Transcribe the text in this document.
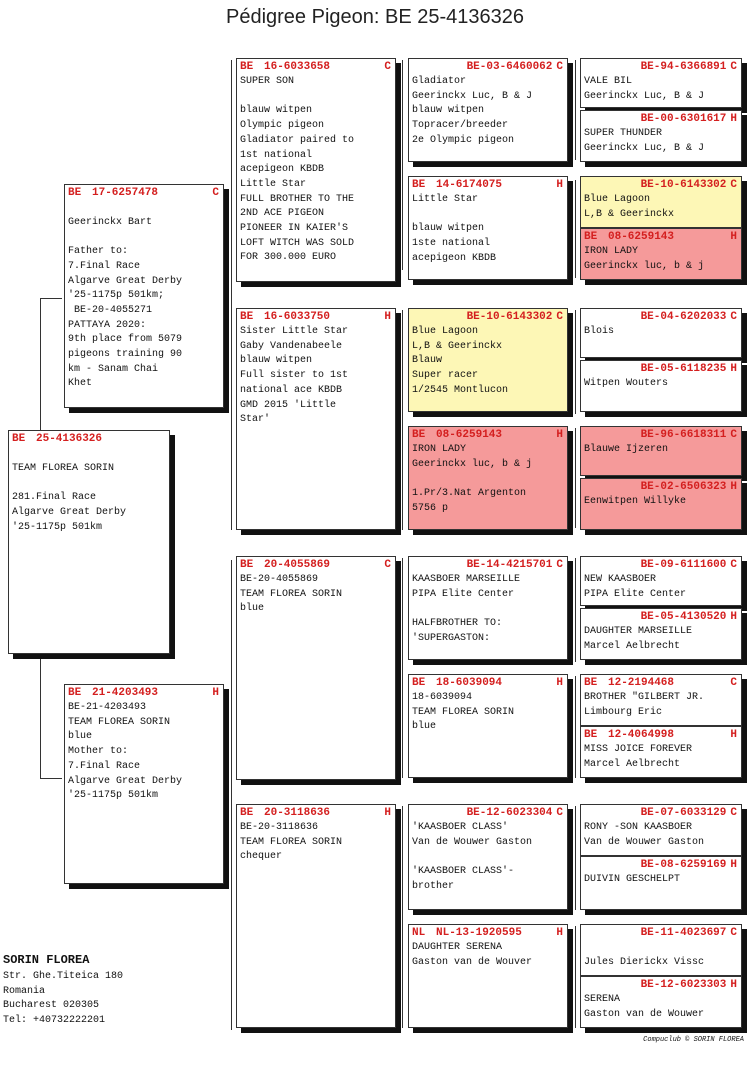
Pédigree Pigeon: BE 25-4136326
BE 25-4136326

TEAM FLOREA SORIN

281.Final Race
Algarve Great Derby
'25-1175p 501km
BE 17-6257478	C

Geerinckx Bart

Father to:
7.Final Race
Algarve Great Derby
'25-1175p 501km;
BE-20-4055271
PATTAYA 2020:
9th place from 5079
pigeons training 90
km - Sanam Chai
Khet
BE 21-4203493	H
BE-21-4203493
TEAM FLOREA SORIN
blue
Mother to:
7.Final Race
Algarve Great Derby
'25-1175p 501km
BE 16-6033658	C
SUPER SON

blauw witpen
Olympic pigeon
Gladiator paired to
1st national
acepigeon KBDB
Little Star
FULL BROTHER TO THE
2ND ACE PIGEON
PIONEER IN KAIER'S
LOFT WITCH WAS SOLD
FOR 300.000 EURO
BE 16-6033750	H
Sister Little Star
Gaby Vandenabeele
blauw witpen
Full sister to 1st
national ace KBDB
GMD 2015 'Little
Star'
BE 20-4055869	C
BE-20-4055869
TEAM FLOREA SORIN
blue
BE 20-3118636	H
BE-20-3118636
TEAM FLOREA SORIN
chequer
BE-03-6460062 C
Gladiator
Geerinckx Luc, B & J
blauw witpen
Topracer/breeder
2e Olympic pigeon
BE 14-6174075	H
Little Star

blauw witpen
1ste national
acepigeon KBDB
BE-10-6143302 C
Blue Lagoon
L,B & Geerinckx
Blauw
Super racer
1/2545 Montlucon
BE 08-6259143	H
IRON LADY
Geerinckx luc, b & j

1.Pr/3.Nat Argenton
5756 p
BE-14-4215701 C
KAASBOER MARSEILLE
PIPA Elite Center

HALFBROTHER TO:
'SUPERGASTON:
BE 18-6039094	H
18-6039094
TEAM FLOREA SORIN
blue
BE-12-6023304 C
'KAASBOER CLASS'
Van de Wouwer Gaston

'KAASBOER CLASS'-
brother
NL NL-13-1920595	H
DAUGHTER SERENA
Gaston van de Wouver
BE-94-6366891 C
VALE BIL
Geerinckx Luc, B & J
BE-00-6301617 H
SUPER THUNDER
Geerinckx Luc, B & J
BE-10-6143302 C
Blue Lagoon
L,B & Geerinckx
BE 08-6259143	H
IRON LADY
Geerinckx luc, b & j
BE-04-6202033 C
Blois
BE-05-6118235 H
Witpen Wouters
BE-96-6618311 C
Blauwe Ijzeren
BE-02-6506323 H
Eenwitpen Willyke
BE-09-6111600 C
NEW KAASBOER
PIPA Elite Center
BE-05-4130520 H
DAUGHTER MARSEILLE
Marcel Aelbrecht
BE 12-2194468	C
BROTHER "GILBERT JR.
Limbourg Eric
BE 12-4064998	H
MISS JOICE FOREVER
Marcel Aelbrecht
BE-07-6033129 C
RONY -SON KAASBOER
Van de Wouwer Gaston
BE-08-6259169 H
DUIVIN GESCHELPT
BE-11-4023697 C

Jules Dierickx Vissc
BE-12-6023303 H
SERENA
Gaston van de Wouwer
SORIN FLOREA
Str. Ghe.Titeica 180
Romania
Bucharest 020305
Tel: +40732222201
Compuclub © SORIN FLOREA
